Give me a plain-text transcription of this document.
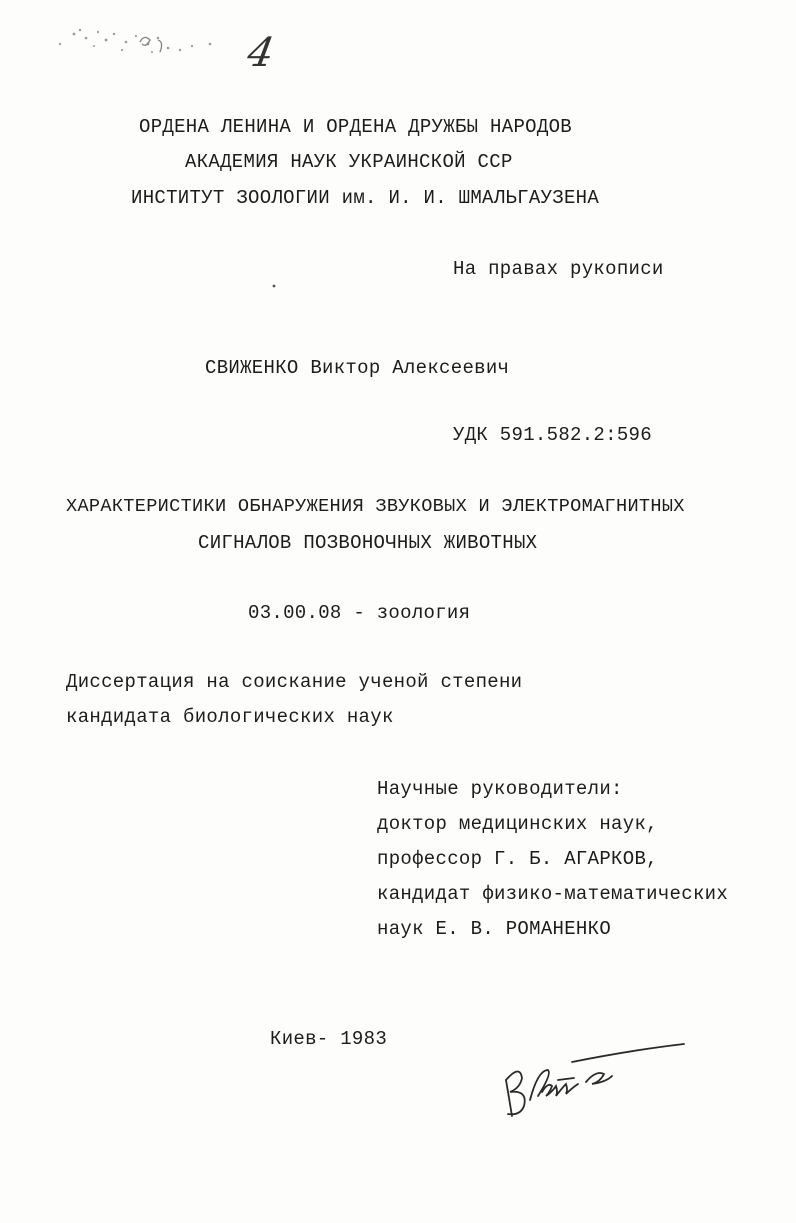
4
ОРДЕНА ЛЕНИНА И ОРДЕНА ДРУЖБЫ НАРОДОВ
АКАДЕМИЯ НАУК УКРАИНСКОЙ ССР
ИНСТИТУТ ЗООЛОГИИ им. И. И. ШМАЛЬГАУЗЕНА
На правах рукописи
СВИЖЕНКО Виктор Алексеевич
УДК 591.582.2:596
ХАРАКТЕРИСТИКИ ОБНАРУЖЕНИЯ ЗВУКОВЫХ И ЭЛЕКТРОМАГНИТНЫХ
СИГНАЛОВ ПОЗВОНОЧНЫХ ЖИВОТНЫХ
03.00.08 - зоология
Диссертация на соискание ученой степени
кандидата биологических наук
Научные руководители:
доктор медицинских наук,
профессор Г. Б. АГАРКОВ,
кандидат физико-математических
наук Е. В. РОМАНЕНКО
Киев- 1983
